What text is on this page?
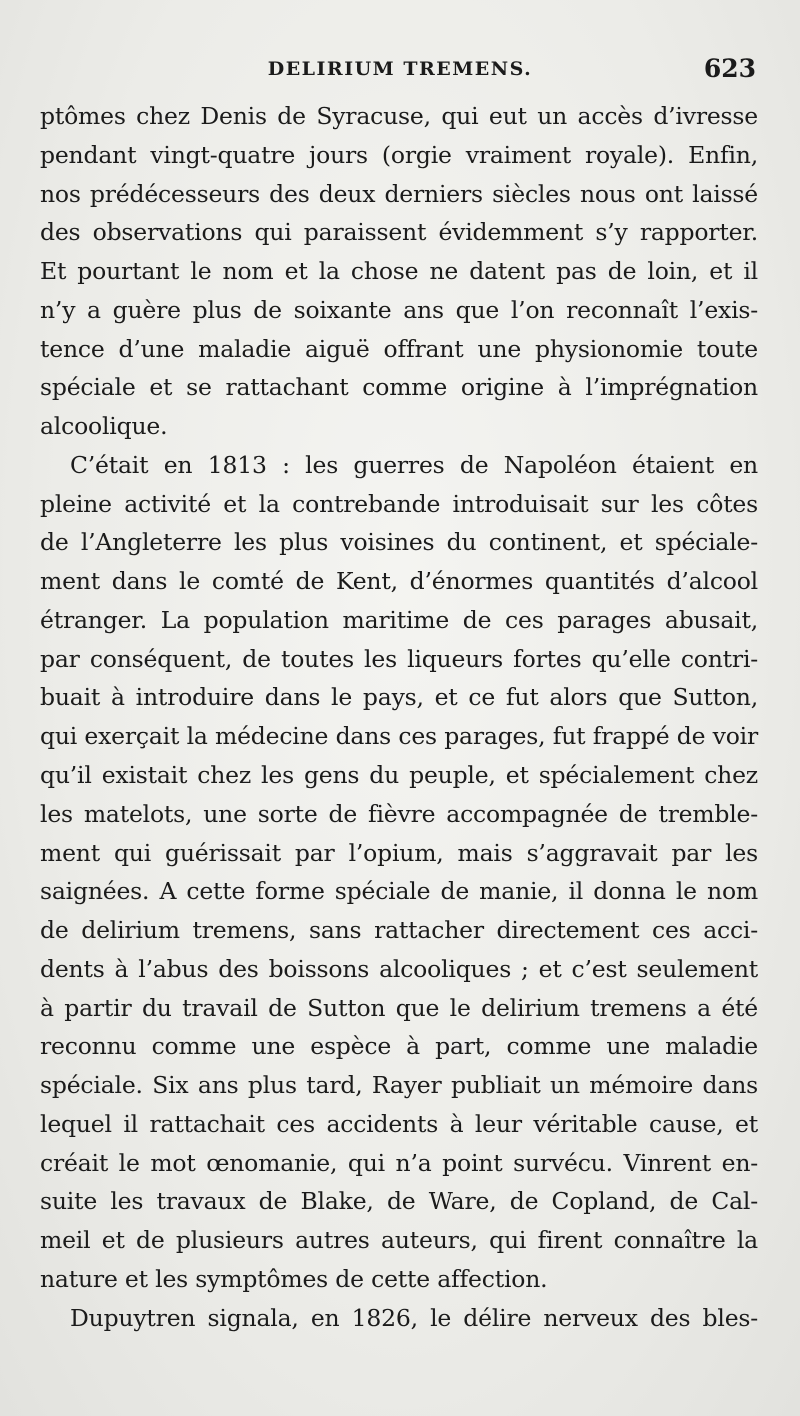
DELIRIUM TREMENS.	623
ptômes chez Denis de Syracuse, qui eut un accès d’ivresse
pendant vingt-quatre jours (orgie vraiment royale). Enfin,
nos prédécesseurs des deux derniers siècles nous ont laissé
des observations qui paraissent évidemment s’y rapporter.
Et pourtant le nom et la chose ne datent pas de loin, et il
n’y a guère plus de soixante ans que l’on reconnaît l’exis-
tence d’une maladie aiguë offrant une physionomie toute
spéciale et se rattachant comme origine à l’imprégnation
alcoolique.
C’était en 1813 : les guerres de Napoléon étaient en
pleine activité et la contrebande introduisait sur les côtes
de l’Angleterre les plus voisines du continent, et spéciale-
ment dans le comté de Kent, d’énormes quantités d’alcool
étranger. La population maritime de ces parages abusait,
par conséquent, de toutes les liqueurs fortes qu’elle contri-
buait à introduire dans le pays, et ce fut alors que Sutton,
qui exerçait la médecine dans ces parages, fut frappé de voir
qu’il existait chez les gens du peuple, et spécialement chez
les matelots, une sorte de fièvre accompagnée de tremble-
ment qui guérissait par l’opium, mais s’aggravait par les
saignées. A cette forme spéciale de manie, il donna le nom
de delirium tremens, sans rattacher directement ces acci-
dents à l’abus des boissons alcooliques ; et c’est seulement
à partir du travail de Sutton que le delirium tremens a été
reconnu comme une espèce à part, comme une maladie
spéciale. Six ans plus tard, Rayer publiait un mémoire dans
lequel il rattachait ces accidents à leur véritable cause, et
créait le mot œnomanie, qui n’a point survécu. Vinrent en-
suite les travaux de Blake, de Ware, de Copland, de Cal-
meil et de plusieurs autres auteurs, qui firent connaître la
nature et les symptômes de cette affection.
Dupuytren signala, en 1826, le délire nerveux des bles-
